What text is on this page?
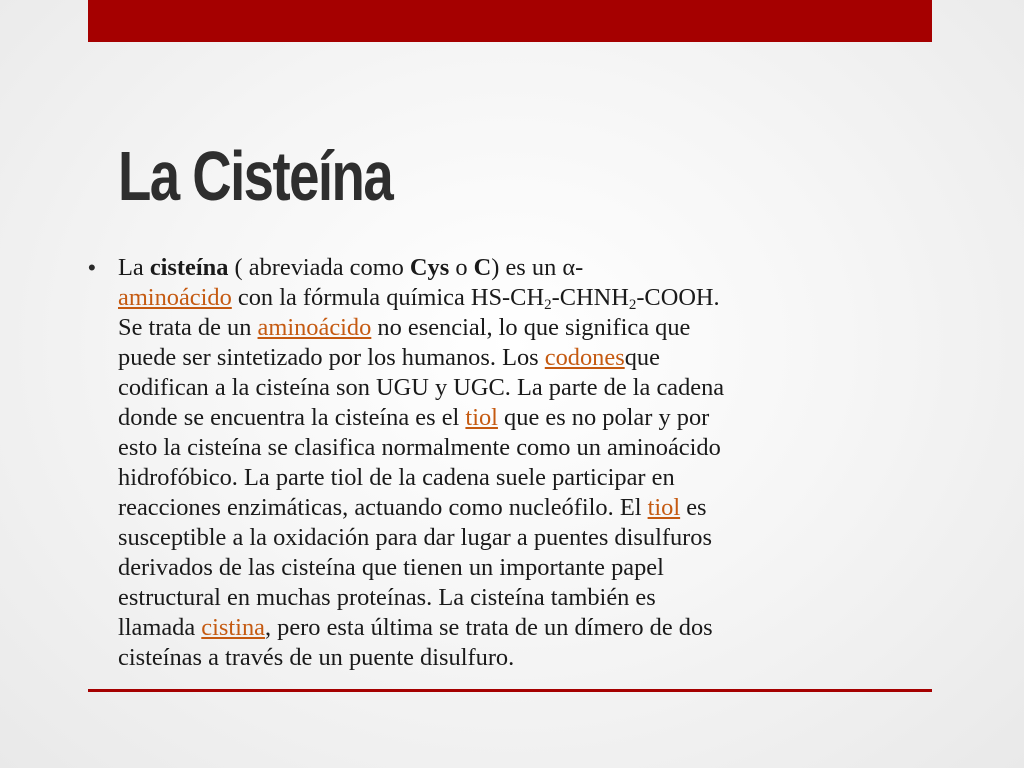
La Cisteína
• La cisteína ( abreviada como Cys o C) es un α-
aminoácido con la fórmula química $HS-CH_2-CHNH_2$-COOH.
Se trata de un aminoácido no esencial, lo que significa que
puede ser sintetizado por los humanos. Los codonesque
codifican a la cisteína son UGU y UGC. La parte de la cadena
donde se encuentra la cisteína es el tiol que es no polar y por
esto la cisteína se clasifica normalmente como un aminoácido
hidrofóbico. La parte tiol de la cadena suele participar en
reacciones enzimáticas, actuando como nucleófilo. El tiol es
susceptible a la oxidación para dar lugar a puentes disulfuros
derivados de las cisteína que tienen un importante papel
estructural en muchas proteínas. La cisteína también es
llamada cistina, pero esta última se trata de un dímero de dos
cisteínas a través de un puente disulfuro.
